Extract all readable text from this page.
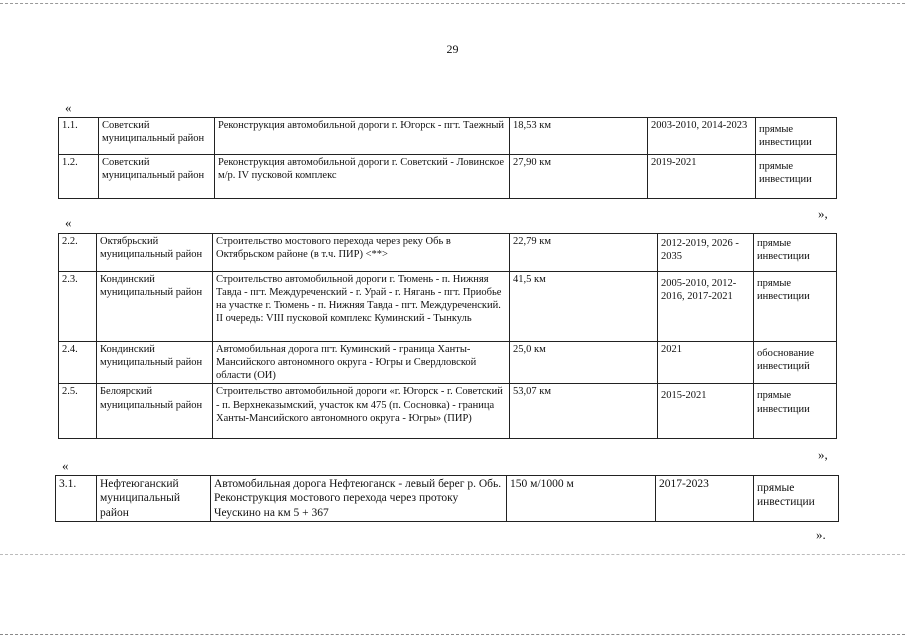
29
«
1.1.	Советский муниципальный район	Реконструкция автомобильной дороги г. Югорск - пгт. Таежный	18,53 км	2003-2010, 2014-2023	прямые инвестиции
1.2.	Советский муниципальный район	Реконструкция автомобильной дороги г. Советский - Ловинское м/р. IV пусковой комплекс	27,90 км	2019-2021	прямые инвестиции
»,
«
2.2.	Октябрьский муниципальный район	Строительство мостового перехода через реку Обь в Октябрьском районе (в т.ч. ПИР) <**>	22,79 км	2012-2019, 2026 - 2035	прямые инвестиции
2.3.	Кондинский муниципальный район	Строительство автомобильной дороги г. Тюмень - п. Нижняя Тавда - пгт. Междуреченский - г. Урай - г. Нягань - пгт. Приобье на участке г. Тюмень - п. Нижняя Тавда - пгт. Междуреченский. II очередь: VIII пусковой комплекс Куминский - Тынкуль	41,5 км	2005-2010, 2012-2016, 2017-2021	прямые инвестиции
2.4.	Кондинский муниципальный район	Автомобильная дорога пгт. Куминский - граница Ханты-Мансийского автономного округа - Югры и Свердловской области (ОИ)	25,0 км	2021	обоснование инвестиций
2.5.	Белоярский муниципальный район	Строительство автомобильной дороги «г. Югорск - г. Советский - п. Верхнеказымский, участок км 475 (п. Сосновка) - граница Ханты-Мансийского автономного округа - Югры» (ПИР)	53,07 км	2015-2021	прямые инвестиции
»,
«
3.1.	Нефтеюганский муниципальный район	Автомобильная дорога Нефтеюганск - левый берег р. Обь. Реконструкция мостового перехода через протоку Чеускино на км 5 + 367	150 м/1000 м	2017-2023	прямые инвестиции
».
